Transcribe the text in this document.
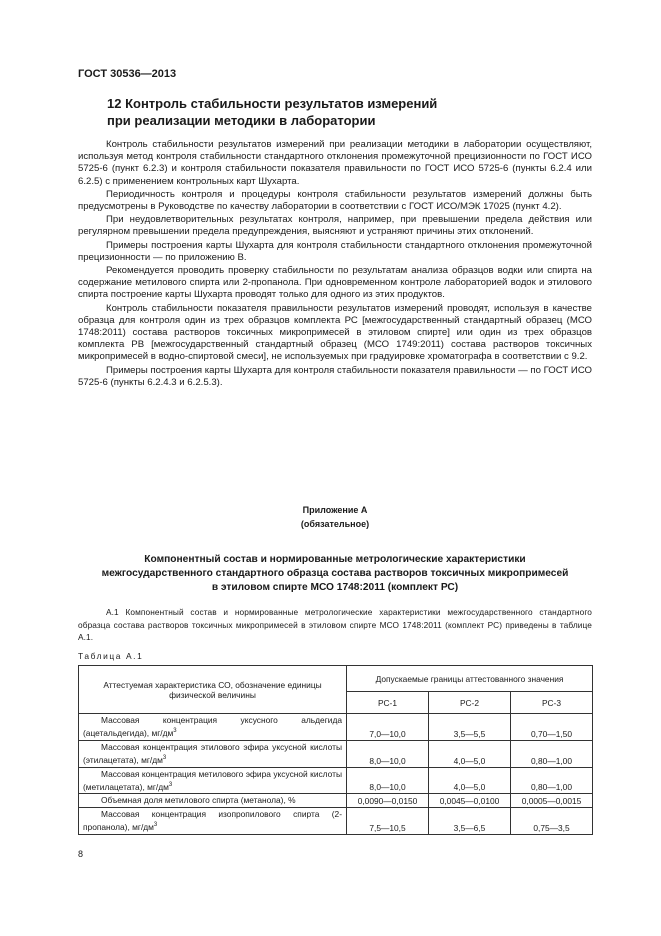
ГОСТ 30536—2013
12 Контроль стабильности результатов измерений
при реализации методики в лаборатории

Контроль стабильности результатов измерений при реализации методики в лаборатории осуществляют, используя метод контроля стабильности стандартного отклонения промежуточной прецизионности по ГОСТ ИСО 5725-6 (пункт 6.2.3) и контроля стабильности показателя правильности по ГОСТ ИСО 5725-6 (пункты 6.2.4 или 6.2.5) с применением контрольных карт Шухарта.

Периодичность контроля и процедуры контроля стабильности результатов измерений должны быть предусмотрены в Руководстве по качеству лаборатории в соответствии с ГОСТ ИСО/МЭК 17025 (пункт 4.2).

При неудовлетворительных результатах контроля, например, при превышении предела действия или регулярном превышении предела предупреждения, выясняют и устраняют причины этих отклонений.

Примеры построения карты Шухарта для контроля стабильности стандартного отклонения промежуточной прецизионности — по приложению В.

Рекомендуется проводить проверку стабильности по результатам анализа образцов водки или спирта на содержание метилового спирта или 2-пропанола. При одновременном контроле лабораторией водок и этилового спирта построение карты Шухарта проводят только для одного из этих продуктов.

Контроль стабильности показателя правильности результатов измерений проводят, используя в качестве образца для контроля один из трех образцов комплекта РС [межгосударственный стандартный образец (МСО 1748:2011) состава растворов токсичных микропримесей в этиловом спирте] или один из трех образцов комплекта РВ [межгосударственный стандартный образец (МСО 1749:2011) состава растворов токсичных микропримесей в водно-спиртовой смеси], не используемых при градуировке хроматографа в соответствии с 9.2.

Примеры построения карты Шухарта для контроля стабильности показателя правильности — по ГОСТ ИСО 5725-6 (пункты 6.2.4.3 и 6.2.5.3).

Приложение А
(обязательное)
Компонентный состав и нормированные метрологические характеристики
межгосударственного стандартного образца состава растворов токсичных микропримесей
в этиловом спирте МСО 1748:2011 (комплект РС)

А.1 Компонентный состав и нормированные метрологические характеристики межгосударственного стандартного образца состава растворов токсичных микропримесей в этиловом спирте МСО 1748:2011 (комплект РС) приведены в таблице А.1.

Таблица А.1
Аттестуемая характеристика СО, обозначение единицы
физической величины	Допускаемые границы аттестованного значения		
	РС-1	РС-2	РС-3
Массовая концентрация уксусного альдегида (ацетальдегида), $мг/дм^3$	7,0—10,0	3,5—5,5	0,70—1,50
Массовая концентрация этилового эфира уксусной кислоты (этилацетата), $мг/дм^3$	8,0—10,0	4,0—5,0	0,80—1,00
Массовая концентрация метилового эфира уксусной кислоты (метилацетата), $мг/дм^3$	8,0—10,0	4,0—5,0	0,80—1,00
Объемная доля метилового спирта (метанола), %	0,0090—0,0150	0,0045—0,0100	0,0005—0,0015
Массовая концентрация изопропилового спирта (2-пропанола), $мг/дм^3$	7,5—10,5	3,5—6,5	0,75—3,5
8
